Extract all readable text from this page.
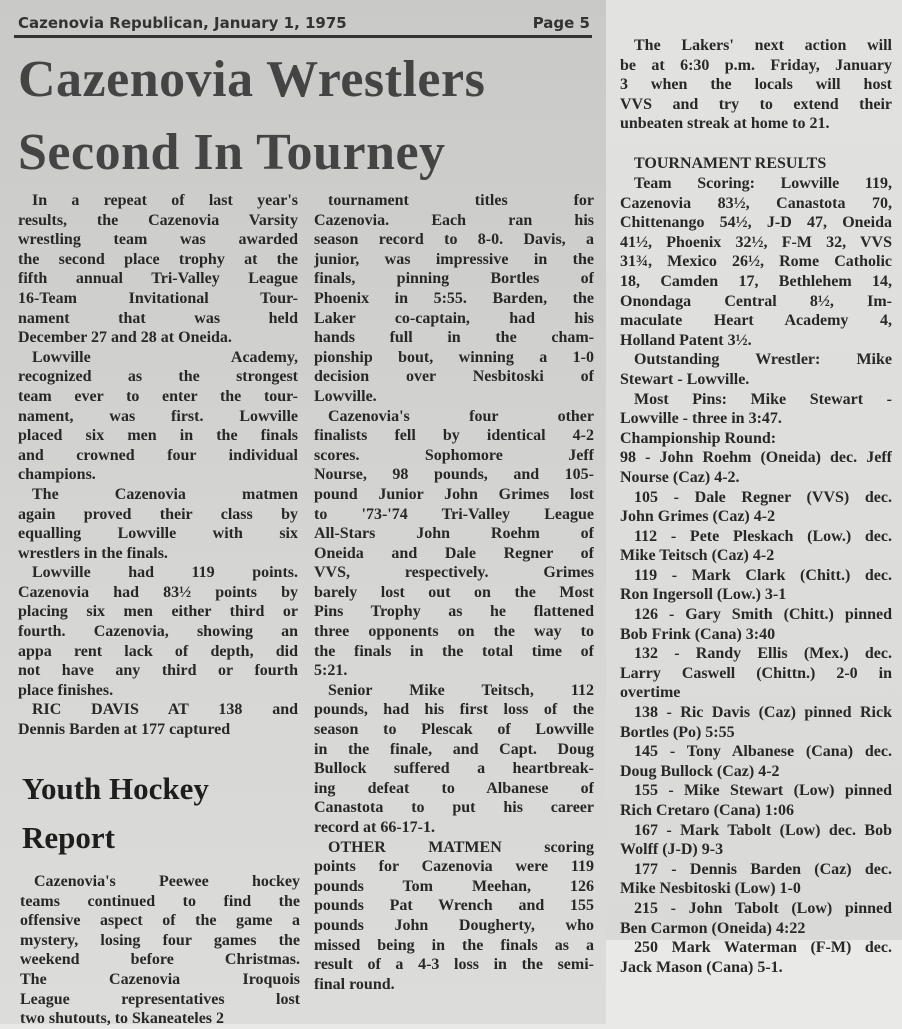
Cazenovia Republican, January 1, 1975	Page 5
Cazenovia Wrestlers
Second In Tourney
In a repeat of last year's
results, the Cazenovia Varsity
wrestling team was awarded
the second place trophy at the
fifth annual Tri-Valley League
16-Team Invitational Tour-
nament that was held
December 27 and 28 at Oneida.
Lowville Academy,
recognized as the strongest
team ever to enter the tour-
nament, was first. Lowville
placed six men in the finals
and crowned four individual
champions.
The Cazenovia matmen
again proved their class by
equalling Lowville with six
wrestlers in the finals.
Lowville had 119 points.
Cazenovia had 83½ points by
placing six men either third or
fourth. Cazenovia, showing an
appa rent lack of depth, did
not have any third or fourth
place finishes.
RIC DAVIS AT 138 and
Dennis Barden at 177 captured
Youth Hockey
Report
Cazenovia's Peewee hockey
teams continued to find the
offensive aspect of the game a
mystery, losing four games the
weekend before Christmas.
The Cazenovia Iroquois
League representatives lost
two shutouts, to Skaneateles 2
tournament titles for
Cazenovia. Each ran his
season record to 8-0. Davis, a
junior, was impressive in the
finals, pinning Bortles of
Phoenix in 5:55. Barden, the
Laker co-captain, had his
hands full in the cham-
pionship bout, winning a 1-0
decision over Nesbitoski of
Lowville.
Cazenovia's four other
finalists fell by identical 4-2
scores. Sophomore Jeff
Nourse, 98 pounds, and 105-
pound Junior John Grimes lost
to '73-'74 Tri-Valley League
All-Stars John Roehm of
Oneida and Dale Regner of
VVS, respectively. Grimes
barely lost out on the Most
Pins Trophy as he flattened
three opponents on the way to
the finals in the total time of
5:21.
Senior Mike Teitsch, 112
pounds, had his first loss of the
season to Plescak of Lowville
in the finale, and Capt. Doug
Bullock suffered a heartbreak-
ing defeat to Albanese of
Canastota to put his career
record at 66-17-1.
OTHER MATMEN scoring
points for Cazenovia were 119
pounds Tom Meehan, 126
pounds Pat Wrench and 155
pounds John Dougherty, who
missed being in the finals as a
result of a 4-3 loss in the semi-
final round.
The Lakers' next action will
be at 6:30 p.m. Friday, January
3 when the locals will host
VVS and try to extend their
unbeaten streak at home to 21.
TOURNAMENT RESULTS
Team Scoring: Lowville 119,
Cazenovia 83½, Canastota 70,
Chittenango 54½, J-D 47, Oneida
41½, Phoenix 32½, F-M 32, VVS
31¾, Mexico 26½, Rome Catholic
18, Camden 17, Bethlehem 14,
Onondaga Central 8½, Im-
maculate Heart Academy 4,
Holland Patent 3½.
Outstanding Wrestler: Mike
Stewart - Lowville.
Most Pins: Mike Stewart -
Lowville - three in 3:47.
Championship Round:
98 - John Roehm (Oneida) dec. Jeff
Nourse (Caz) 4-2.
105 - Dale Regner (VVS) dec.
John Grimes (Caz) 4-2
112 - Pete Pleskach (Low.) dec.
Mike Teitsch (Caz) 4-2
119 - Mark Clark (Chitt.) dec.
Ron Ingersoll (Low.) 3-1
126 - Gary Smith (Chitt.) pinned
Bob Frink (Cana) 3:40
132 - Randy Ellis (Mex.) dec.
Larry Caswell (Chittn.) 2-0 in
overtime
138 - Ric Davis (Caz) pinned Rick
Bortles (Po) 5:55
145 - Tony Albanese (Cana) dec.
Doug Bullock (Caz) 4-2
155 - Mike Stewart (Low) pinned
Rich Cretaro (Cana) 1:06
167 - Mark Tabolt (Low) dec. Bob
Wolff (J-D) 9-3
177 - Dennis Barden (Caz) dec.
Mike Nesbitoski (Low) 1-0
215 - John Tabolt (Low) pinned
Ben Carmon (Oneida) 4:22
250 Mark Waterman (F-M) dec.
Jack Mason (Cana) 5-1.
